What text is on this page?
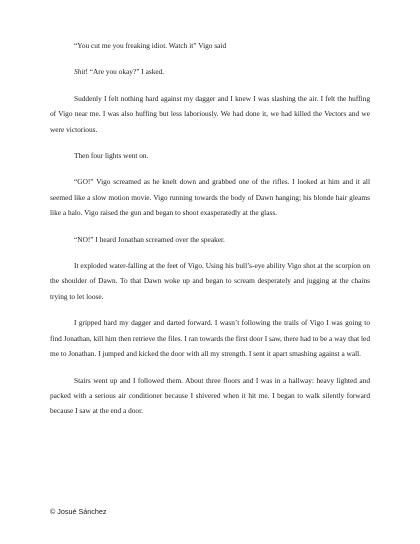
“You cut me you freaking idiot. Watch it” Vigo said

Shit! “Are you okay?” I asked.

Suddenly I felt nothing hard against my dagger and I knew I was slashing the air. I felt the huffing of Vigo near me. I was also huffing but less laboriously. We had done it, we had killed the Vectors and we were victorious.

Then four lights went on.

“GO!” Vigo screamed as he knelt down and grabbed one of the rifles. I looked at him and it all seemed like a slow motion movie. Vigo running towards the body of Dawn hanging; his blonde hair gleams like a halo. Vigo raised the gun and began to shoot exasperatedly at the glass.

“NO!” I heard Jonathan screamed over the speaker.

It exploded water-falling at the feet of Vigo. Using his bull’s-eye ability Vigo shot at the scorpion on the shoulder of Dawn. To that Dawn woke up and began to scream desperately and jugging at the chains trying to let loose.

I gripped hard my dagger and darted forward. I wasn’t following the trails of Vigo I was going to find Jonathan, kill him then retrieve the files. I ran towards the first door I saw, there had to be a way that led me to Jonathan. I jumped and kicked the door with all my strength. I sent it apart smashing against a wall.

Stairs went up and I followed them. About three floors and I was in a hallway: heavy lighted and packed with a serious air conditioner because I shivered when it hit me. I began to walk silently forward because I saw at the end a door.

© Josué Sánchez
